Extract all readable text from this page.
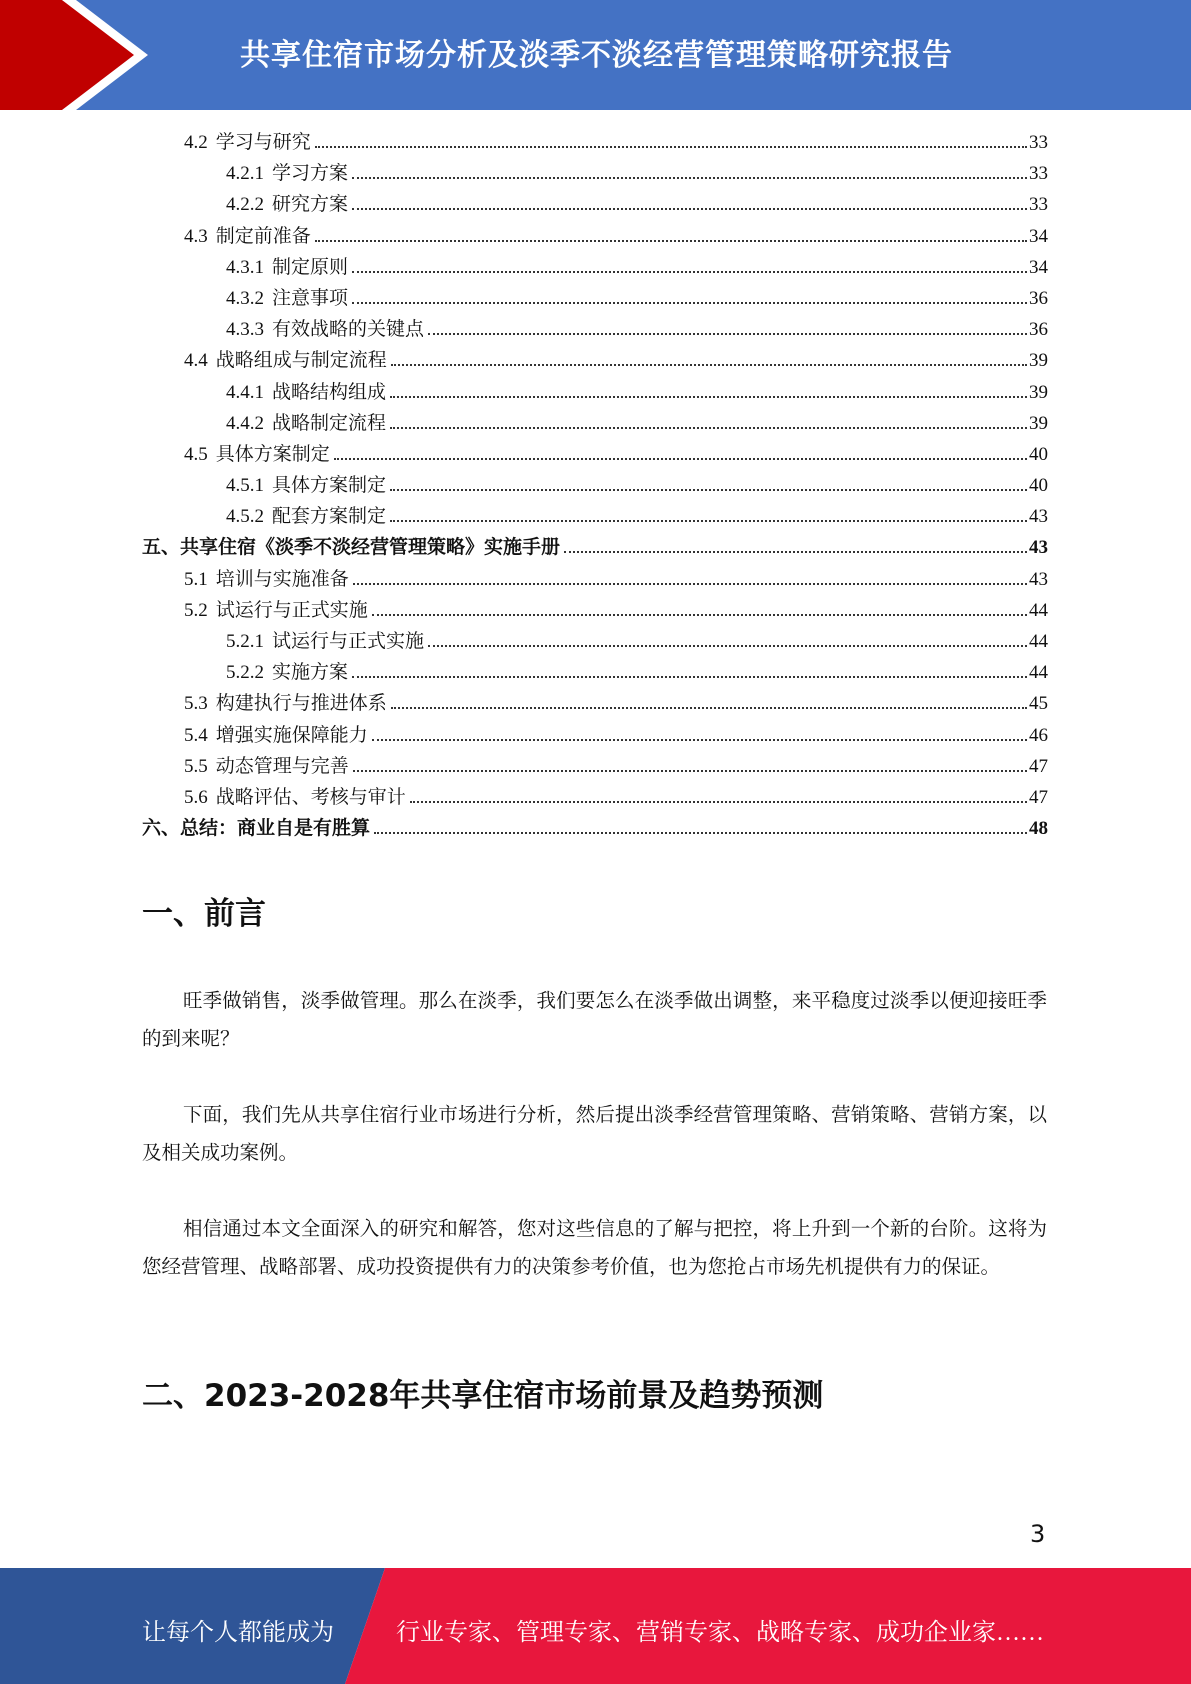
共享住宿市场分析及淡季不淡经营管理策略研究报告
4.2 学习与研究	33
4.2.1 学习方案	33
4.2.2 研究方案	33
4.3 制定前准备	34
4.3.1 制定原则	34
4.3.2 注意事项	36
4.3.3 有效战略的关键点	36
4.4 战略组成与制定流程	39
4.4.1 战略结构组成	39
4.4.2 战略制定流程	39
4.5 具体方案制定	40
4.5.1 具体方案制定	40
4.5.2 配套方案制定	43
五、共享住宿《淡季不淡经营管理策略》实施手册	43
5.1 培训与实施准备	43
5.2 试运行与正式实施	44
5.2.1 试运行与正式实施	44
5.2.2 实施方案	44
5.3 构建执行与推进体系	45
5.4 增强实施保障能力	46
5.5 动态管理与完善	47
5.6 战略评估、考核与审计	47
六、总结：商业自是有胜算	48
一、前言
旺季做销售，淡季做管理。那么在淡季，我们要怎么在淡季做出调整，来平稳度过淡季以便迎接旺季的到来呢？
下面，我们先从共享住宿行业市场进行分析，然后提出淡季经营管理策略、营销策略、营销方案，以及相关成功案例。
相信通过本文全面深入的研究和解答，您对这些信息的了解与把控，将上升到一个新的台阶。这将为您经营管理、战略部署、成功投资提供有力的决策参考价值，也为您抢占市场先机提供有力的保证。
二、2023-2028年共享住宿市场前景及趋势预测
3
让每个人都能成为	行业专家、管理专家、营销专家、战略专家、成功企业家……
